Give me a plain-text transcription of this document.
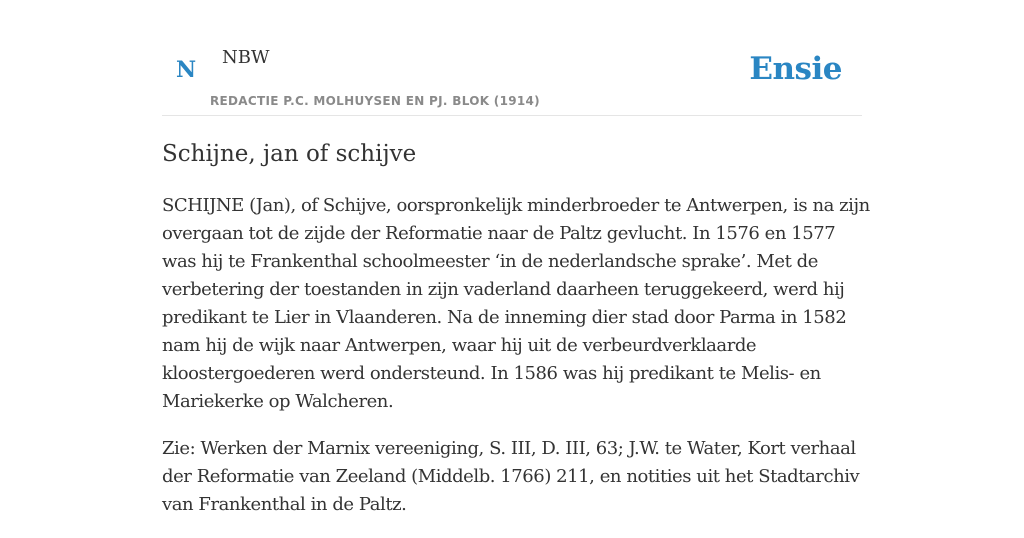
N NBW
REDACTIE P.C. MOLHUYSEN EN PJ. BLOK (1914)
Ensie
Schijne, jan of schijve

SCHIJNE (Jan), of Schijve, oorspronkelijk minderbroeder te Antwerpen, is na zijn overgaan tot de zijde der Reformatie naar de Paltz gevlucht. In 1576 en 1577 was hij te Frankenthal schoolmeester ‘in de nederlandsche sprake’. Met de verbetering der toestanden in zijn vaderland daarheen teruggekeerd, werd hij predikant te Lier in Vlaanderen. Na de inneming dier stad door Parma in 1582 nam hij de wijk naar Antwerpen, waar hij uit de verbeurdverklaarde kloostergoederen werd ondersteund. In 1586 was hij predikant te Melis- en Mariekerke op Walcheren.

Zie: Werken der Marnix vereeniging, S. III, D. III, 63; J.W. te Water, Kort verhaal der Reformatie van Zeeland (Middelb. 1766) 211, en notities uit het Stadtarchiv van Frankenthal in de Paltz.
